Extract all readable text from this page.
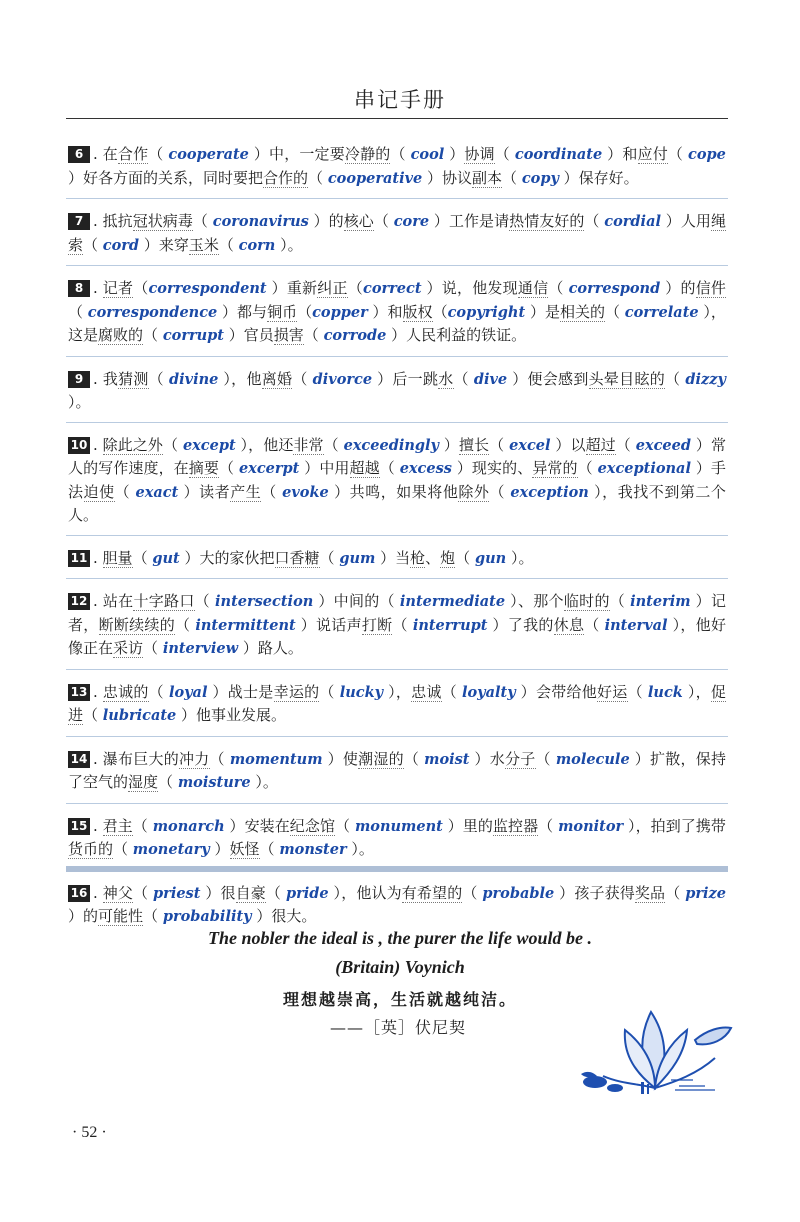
串记手册
6 . 在合作（ cooperate ）中，一定要冷静的（ cool ）协调（ coordinate ）和应付（ cope ）好各方面的关系，同时要把合作的（ cooperative ）协议副本（ copy ）保存好。
7 . 抵抗冠状病毒（ coronavirus ）的核心（ core ）工作是请热情友好的（ cordial ）人用绳索（ cord ）来穿玉米（ corn ）。
8 . 记者（correspondent ）重新纠正（correct ）说，他发现通信（ correspond ）的信件（ correspondence ）都与铜币（copper ）和版权（copyright ）是相关的（ correlate ），这是腐败的（ corrupt ）官员损害（ corrode ）人民利益的铁证。
9 . 我猜测（ divine ），他离婚（ divorce ）后一跳水（ dive ）便会感到头晕目眩的（ dizzy ）。
10 . 除此之外（ except ），他还非常（ exceedingly ）擅长（ excel ）以超过（ exceed ）常人的写作速度，在摘要（ excerpt ）中用超越（ excess ）现实的、异常的（ exceptional ）手法迫使（ exact ）读者产生（ evoke ）共鸣，如果将他除外（ exception ），我找不到第二个人。
11 . 胆量（ gut ）大的家伙把口香糖（ gum ）当枪、炮（ gun ）。
12 . 站在十字路口（ intersection ）中间的（ intermediate ）、那个临时的（ interim ）记者，断断续续的（ intermittent ）说话声打断（ interrupt ）了我的休息（ interval ），他好像正在采访（ interview ）路人。
13 . 忠诚的（ loyal ）战士是幸运的（ lucky ），忠诚（ loyalty ）会带给他好运（ luck ），促进（ lubricate ）他事业发展。
14 . 瀑布巨大的冲力（ momentum ）使潮湿的（ moist ）水分子（ molecule ）扩散，保持了空气的湿度（ moisture ）。
15 . 君主（ monarch ）安装在纪念馆（ monument ）里的监控器（ monitor ），拍到了携带货币的（ monetary ）妖怪（ monster ）。
16 . 神父（ priest ）很自豪（ pride ），他认为有希望的（ probable ）孩子获得奖品（ prize ）的可能性（ probability ）很大。
The nobler the ideal is , the purer the life would be .
(Britain) Voynich
理想越崇高，生活就越纯洁。
——［英］伏尼契
· 52 ·
